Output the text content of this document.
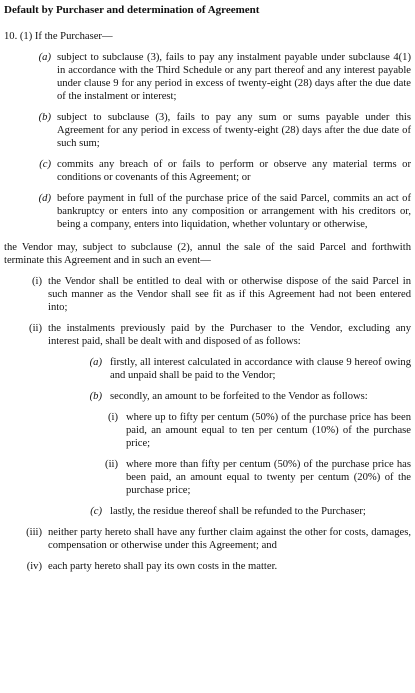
Default by Purchaser and determination of Agreement

10. (1) If the Purchaser—

(a) subject to subclause (3), fails to pay any instalment payable under subclause 4(1) in accordance with the Third Schedule or any part thereof and any interest payable under clause 9 for any period in excess of twenty-eight (28) days after the due date of the instalment or interest;
(b) subject to subclause (3), fails to pay any sum or sums payable under this Agreement for any period in excess of twenty-eight (28) days after the due date of such sum;
(c) commits any breach of or fails to perform or observe any material terms or conditions or covenants of this Agreement; or
(d) before payment in full of the purchase price of the said Parcel, commits an act of bankruptcy or enters into any composition or arrangement with his creditors or, being a company, enters into liquidation, whether voluntary or otherwise,

the Vendor may, subject to subclause (2), annul the sale of the said Parcel and forthwith terminate this Agreement and in such an event—

(i) the Vendor shall be entitled to deal with or otherwise dispose of the said Parcel in such manner as the Vendor shall see fit as if this Agreement had not been entered into;
(ii) the instalments previously paid by the Purchaser to the Vendor, excluding any interest paid, shall be dealt with and disposed of as follows:
(a) firstly, all interest calculated in accordance with clause 9 hereof owing and unpaid shall be paid to the Vendor;
(b) secondly, an amount to be forfeited to the Vendor as follows:
(i) where up to fifty per centum (50%) of the purchase price has been paid, an amount equal to ten per centum (10%) of the purchase price;
(ii) where more than fifty per centum (50%) of the purchase price has been paid, an amount equal to twenty per centum (20%) of the purchase price;
(c) lastly, the residue thereof shall be refunded to the Purchaser;
(iii) neither party hereto shall have any further claim against the other for costs, damages, compensation or otherwise under this Agreement; and
(iv) each party hereto shall pay its own costs in the matter.
